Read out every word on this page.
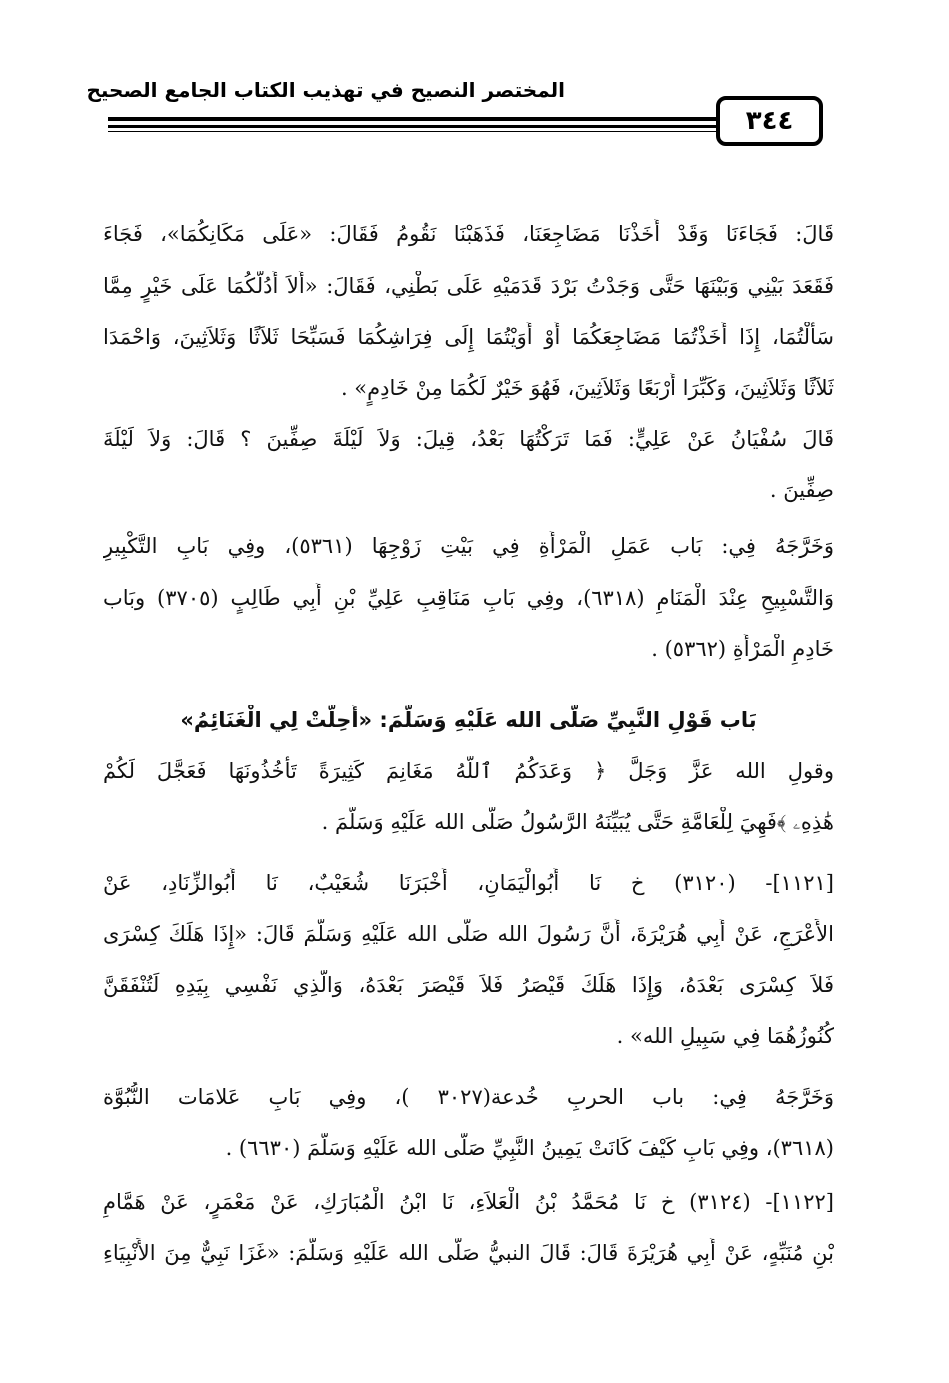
المختصر النصيح في تهذيب الكتاب الجامع الصحيح
٣٤٤
قَالَ: فَجَاءَنَا وَقَدْ أَخَذْنَا مَضَاجِعَنَا، فَذَهَبْنَا نَقُومُ فَقَالَ: «عَلَى مَكَانِكُمَا»، فَجَاءَ
فَقَعَدَ بَيْنِي وَبَيْنَهَا حَتَّى وَجَدْتُ بَرْدَ قَدَمَيْهِ عَلَى بَطْنِي، فَقَالَ: «أَلاَ أَدُلُّكُمَا عَلَى خَيْرٍ مِمَّا
سَأَلْتُمَا، إِذَا أَخَذْتُمَا مَضَاجِعَكُمَا أَوْ أَوَيْتُمَا إِلَى فِرَاشِكُمَا فَسَبِّحَا ثَلاَثًا وَثَلاَثِينَ، وَاحْمَدَا
ثَلاَثًا وَثَلاَثِينَ، وَكَبِّرَا أَرْبَعًا وَثَلاَثِينَ، فَهُوَ خَيْرٌ لَكُمَا مِنْ خَادِمٍ» .
قَالَ سُفْيَانُ عَنْ عَلِيٍّ: فَمَا تَرَكْتُهَا بَعْدُ، قِيلَ: وَلاَ لَيْلَةَ صِفِّينَ ؟ قَالَ: وَلاَ لَيْلَةَ
صِفِّينَ .
وَخَرَّجَهُ فِي: بَاب عَمَلِ الْمَرْأَةِ فِي بَيْتِ زَوْجِهَا (٥٣٦١)، وفِي بَابِ التَّكْبِيرِ
وَالتَّسْبِيحِ عِنْدَ الْمَنَامِ (٦٣١٨)، وفِي بَابِ مَنَاقِبِ عَلِيِّ بْنِ أَبِي طَالِبٍ (٣٧٠٥) وبَاب
خَادِمِ الْمَرْأَةِ (٥٣٦٢) .
بَاب قَوْلِ النَّبِيِّ صَلَّى الله عَلَيْهِ وَسَلَّمَ: «أُحِلَّتْ لِي الْغَنَائِمُ»
وقولِ الله عَزَّ وَجَلَّ ﴿ وَعَدَكُمُ ٱللَّهُ مَغَانِمَ كَثِيرَةً تَأْخُذُونَهَا فَعَجَّلَ لَكُمْ
هَٰذِهِۦ ﴾فَهِيَ لِلْعَامَّةِ حَتَّى يُبَيِّنَهُ الرَّسُولُ صَلَّى الله عَلَيْهِ وَسَلَّمَ .
[١١٢١]- (٣١٢٠) خ نَا أَبُوالْيَمَانِ، أَخْبَرَنَا شُعَيْبٌ، نَا أَبُوالزِّنَادِ، عَنْ
الأَعْرَجِ، عَنْ أَبِي هُرَيْرَةَ، أَنَّ رَسُولَ الله صَلَّى الله عَلَيْهِ وَسَلَّمَ قَالَ: «إِذَا هَلَكَ كِسْرَى
فَلاَ كِسْرَى بَعْدَهُ، وَإِذَا هَلَكَ قَيْصَرُ فَلاَ قَيْصَرَ بَعْدَهُ، وَالَّذِي نَفْسِي بِيَدِهِ لَتُنْفَقَنَّ
كُنُوزُهُمَا فِي سَبِيلِ الله» .
وَخَرَّجَهُ فِي: باب الحربِ خُدعة(٣٠٢٧ )، وفِي بَابِ عَلامَات النُّبُوَّة
(٣٦١٨)، وفِي بَابِ كَيْفَ كَانَتْ يَمِينُ النَّبِيِّ صَلَّى الله عَلَيْهِ وَسَلَّمَ (٦٦٣٠) .
[١١٢٢]- (٣١٢٤) خ نَا مُحَمَّدُ بْنُ الْعَلاَءِ، نَا ابْنُ الْمُبَارَكِ، عَنْ مَعْمَرٍ، عَنْ هَمَّامِ
بْنِ مُنَبِّهٍ، عَنْ أَبِي هُرَيْرَةَ قَالَ: قَالَ النبيُّ صَلَّى الله عَلَيْهِ وَسَلَّمَ: «غَزَا نَبِيٌّ مِنَ الأَنْبِيَاءِ
